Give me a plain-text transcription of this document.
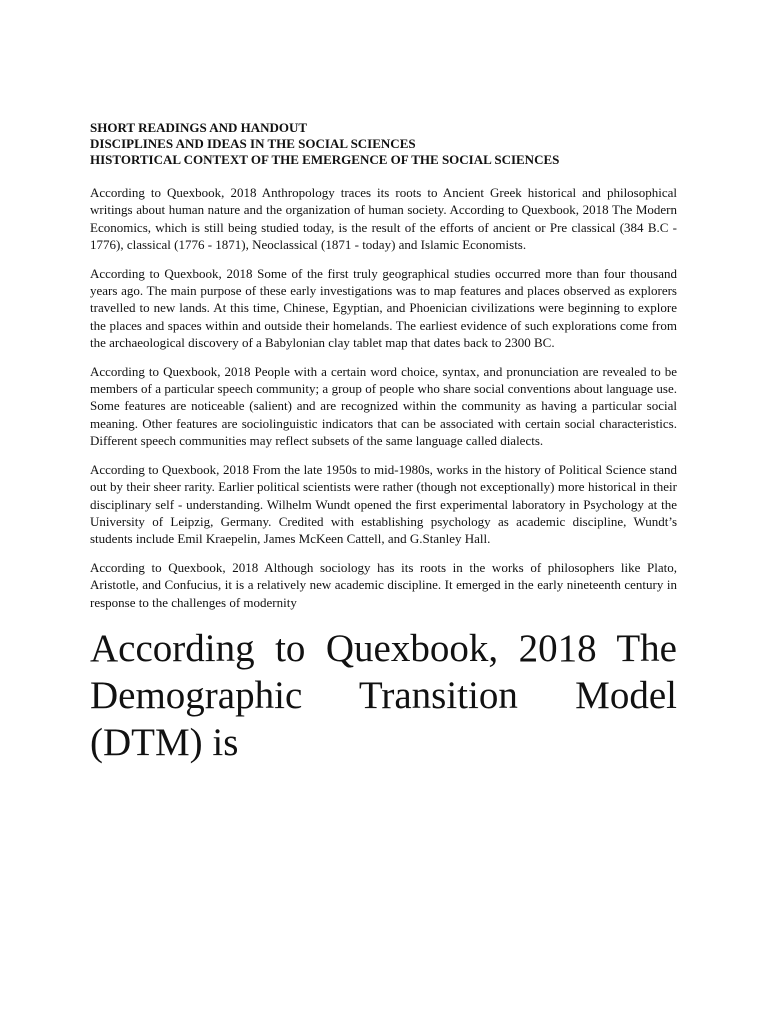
SHORT READINGS AND HANDOUT
DISCIPLINES AND IDEAS IN THE SOCIAL SCIENCES
HISTORTICAL CONTEXT OF THE EMERGENCE OF THE SOCIAL SCIENCES

According to Quexbook, 2018 Anthropology traces its roots to Ancient Greek historical and philosophical writings about human nature and the organization of human society. According to Quexbook, 2018 The Modern Economics, which is still being studied today, is the result of the efforts of ancient or Pre classical (384 B.C - 1776), classical (1776 - 1871), Neoclassical (1871 - today) and Islamic Economists.

According to Quexbook, 2018 Some of the first truly geographical studies occurred more than four thousand years ago. The main purpose of these early investigations was to map features and places observed as explorers travelled to new lands. At this time, Chinese, Egyptian, and Phoenician civilizations were beginning to explore the places and spaces within and outside their homelands. The earliest evidence of such explorations come from the archaeological discovery of a Babylonian clay tablet map that dates back to 2300 BC.

According to Quexbook, 2018 People with a certain word choice, syntax, and pronunciation are revealed to be members of a particular speech community; a group of people who share social conventions about language use. Some features are noticeable (salient) and are recognized within the community as having a particular social meaning. Other features are sociolinguistic indicators that can be associated with certain social characteristics. Different speech communities may reflect subsets of the same language called dialects.

According to Quexbook, 2018 From the late 1950s to mid-1980s, works in the history of Political Science stand out by their sheer rarity. Earlier political scientists were rather (though not exceptionally) more historical in their disciplinary self - understanding. Wilhelm Wundt opened the first experimental laboratory in Psychology at the University of Leipzig, Germany. Credited with establishing psychology as academic discipline, Wundt’s students include Emil Kraepelin, James McKeen Cattell, and G.Stanley Hall.

According to Quexbook, 2018 Although sociology has its roots in the works of philosophers like Plato, Aristotle, and Confucius, it is a relatively new academic discipline. It emerged in the early nineteenth century in response to the challenges of modernity

According to Quexbook, 2018 The Demographic Transition Model (DTM) is
